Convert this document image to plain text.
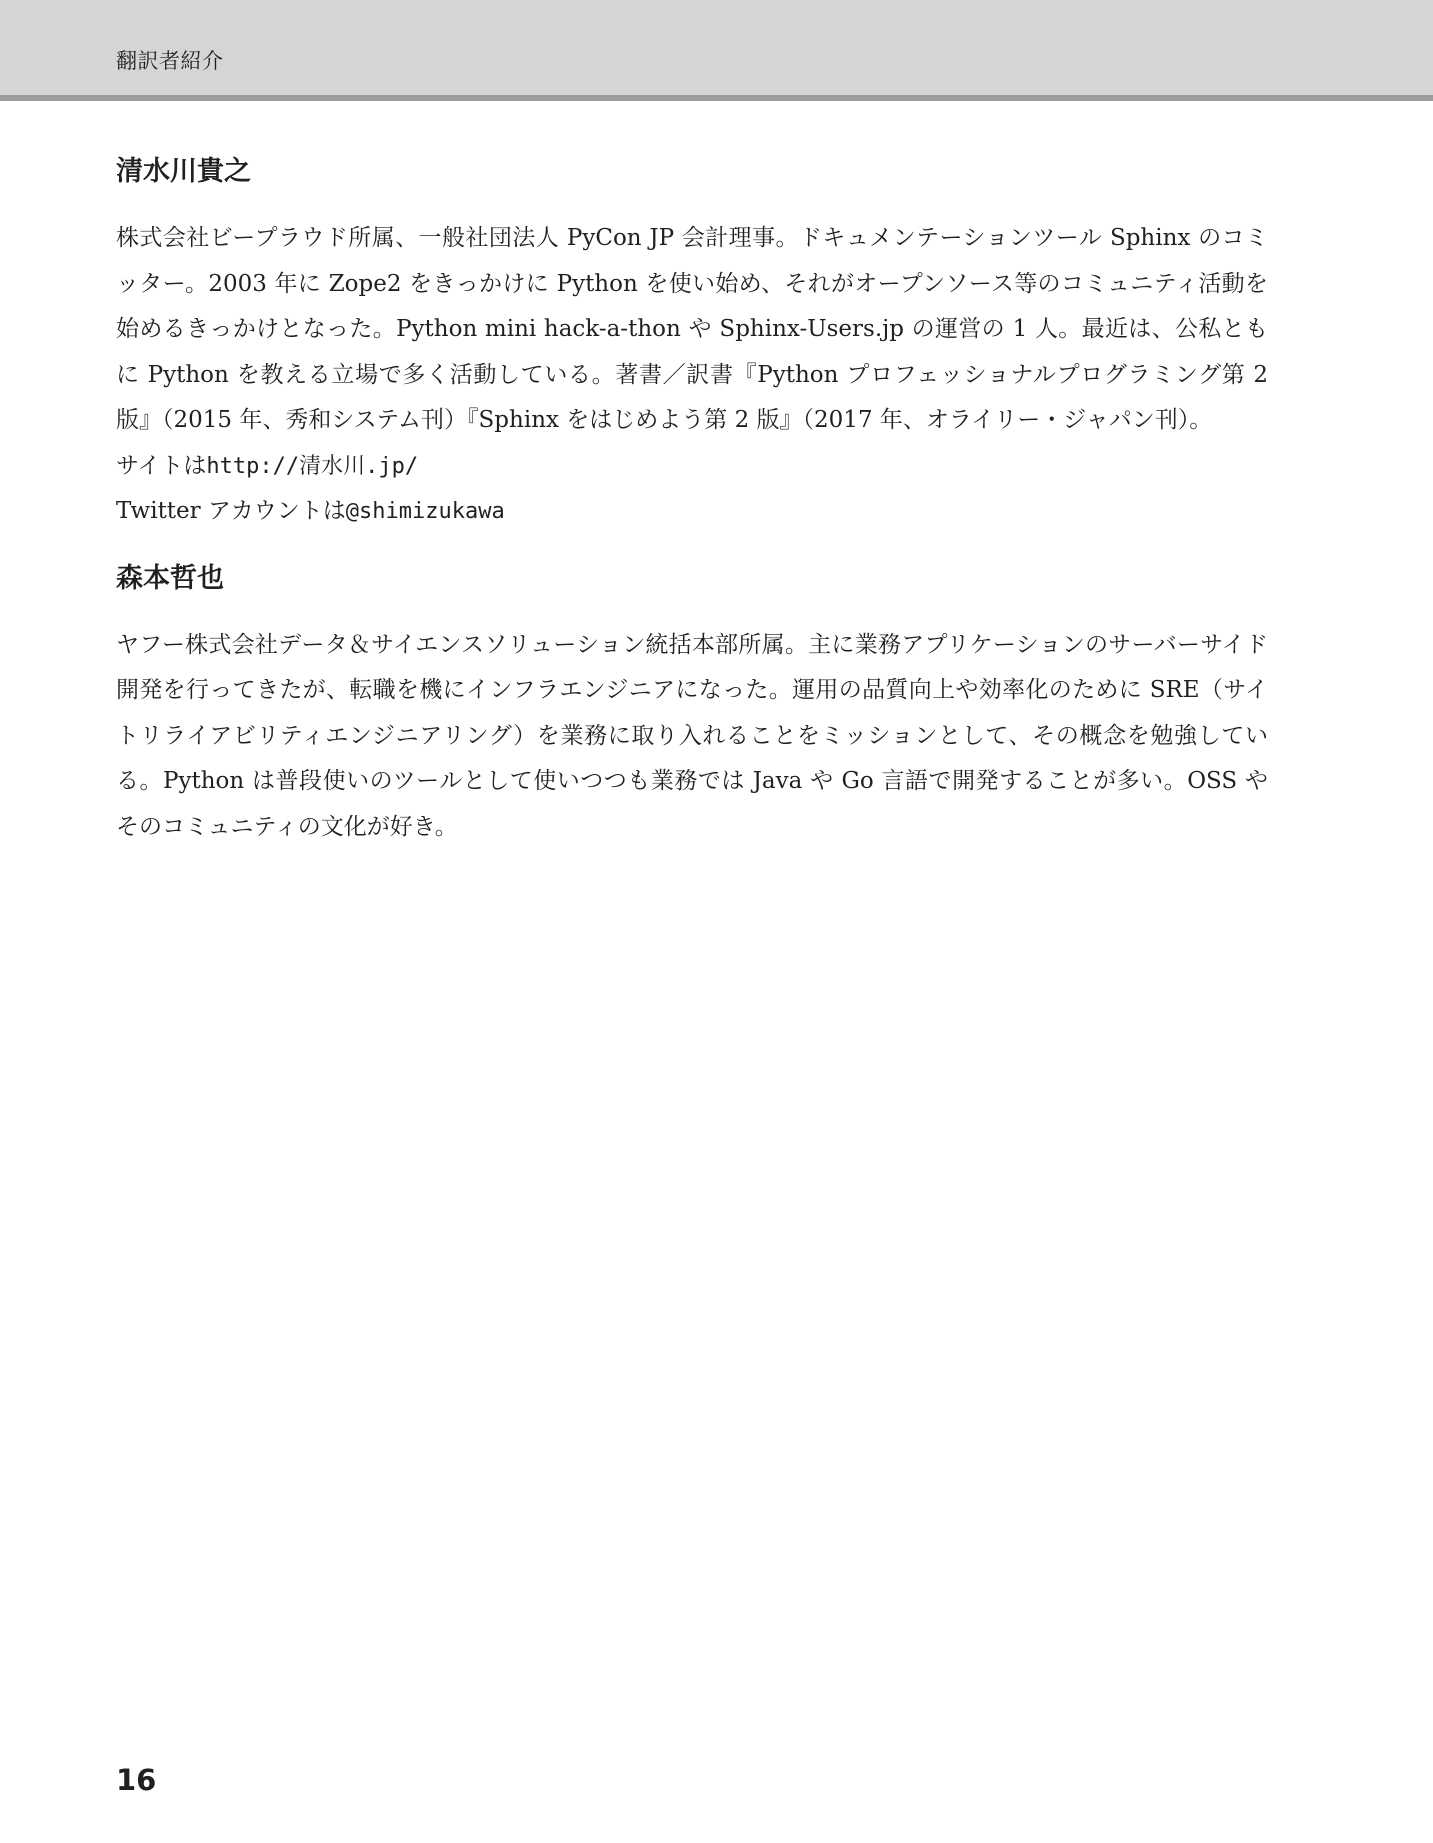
翻訳者紹介
清水川貴之

株式会社ビープラウド所属、一般社団法人 PyCon JP 会計理事。ドキュメンテーションツール Sphinx のコミッター。2003 年に Zope2 をきっかけに Python を使い始め、それがオープンソース等のコミュニティ活動を始めるきっかけとなった。Python mini hack-a-thon や Sphinx-Users.jp の運営の 1 人。最近は、公私ともに Python を教える立場で多く活動している。著書／訳書『Python プロフェッショナルプログラミング第 2 版』（2015 年、秀和システム刊）『Sphinx をはじめよう第 2 版』（2017 年、オライリー・ジャパン刊）。

サイトはhttp://清水川.jp/

Twitter アカウントは@shimizukawa

森本哲也

ヤフー株式会社データ＆サイエンスソリューション統括本部所属。主に業務アプリケーションのサーバーサイド開発を行ってきたが、転職を機にインフラエンジニアになった。運用の品質向上や効率化のために SRE（サイトリライアビリティエンジニアリング）を業務に取り入れることをミッションとして、その概念を勉強している。Python は普段使いのツールとして使いつつも業務では Java や Go 言語で開発することが多い。OSS やそのコミュニティの文化が好き。

16
